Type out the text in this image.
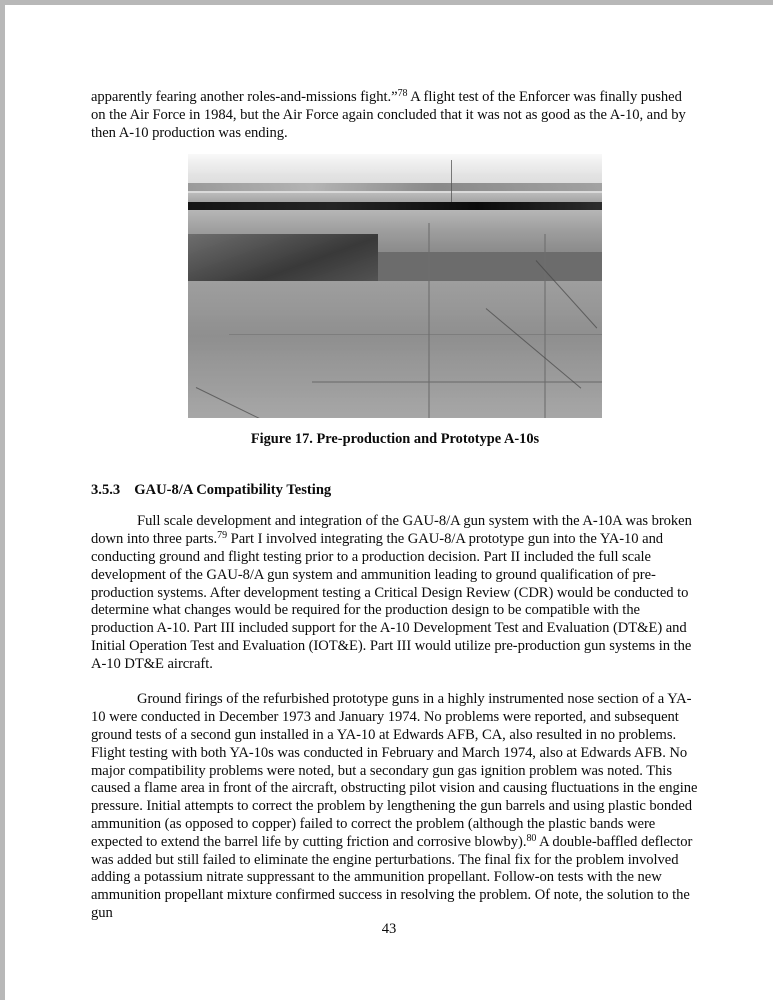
apparently fearing another roles-and-missions fight.”$^{78}$ A flight test of the Enforcer was finally pushed on the Air Force in 1984, but the Air Force again concluded that it was not as good as the A-10, and by then A-10 production was ending.

Figure 17. Pre-production and Prototype A-10s
3.5.3 GAU-8/A Compatibility Testing

Full scale development and integration of the GAU-8/A gun system with the A-10A was broken down into three parts.$^{79}$ Part I involved integrating the GAU-8/A prototype gun into the YA-10 and conducting ground and flight testing prior to a production decision. Part II included the full scale development of the GAU-8/A gun system and ammunition leading to ground qualification of pre-production systems. After development testing a Critical Design Review (CDR) would be conducted to determine what changes would be required for the production design to be compatible with the production A-10. Part III included support for the A-10 Development Test and Evaluation (DT&E) and Initial Operation Test and Evaluation (IOT&E). Part III would utilize pre-production gun systems in the A-10 DT&E aircraft.

Ground firings of the refurbished prototype guns in a highly instrumented nose section of a YA-10 were conducted in December 1973 and January 1974. No problems were reported, and subsequent ground tests of a second gun installed in a YA-10 at Edwards AFB, CA, also resulted in no problems. Flight testing with both YA-10s was conducted in February and March 1974, also at Edwards AFB. No major compatibility problems were noted, but a secondary gun gas ignition problem was noted. This caused a flame area in front of the aircraft, obstructing pilot vision and causing fluctuations in the engine pressure. Initial attempts to correct the problem by lengthening the gun barrels and using plastic bonded ammunition (as opposed to copper) failed to correct the problem (although the plastic bands were expected to extend the barrel life by cutting friction and corrosive blowby).$^{80}$ A double-baffled deflector was added but still failed to eliminate the engine perturbations. The final fix for the problem involved adding a potassium nitrate suppressant to the ammunition propellant. Follow-on tests with the new ammunition propellant mixture confirmed success in resolving the problem. Of note, the solution to the gun

43
